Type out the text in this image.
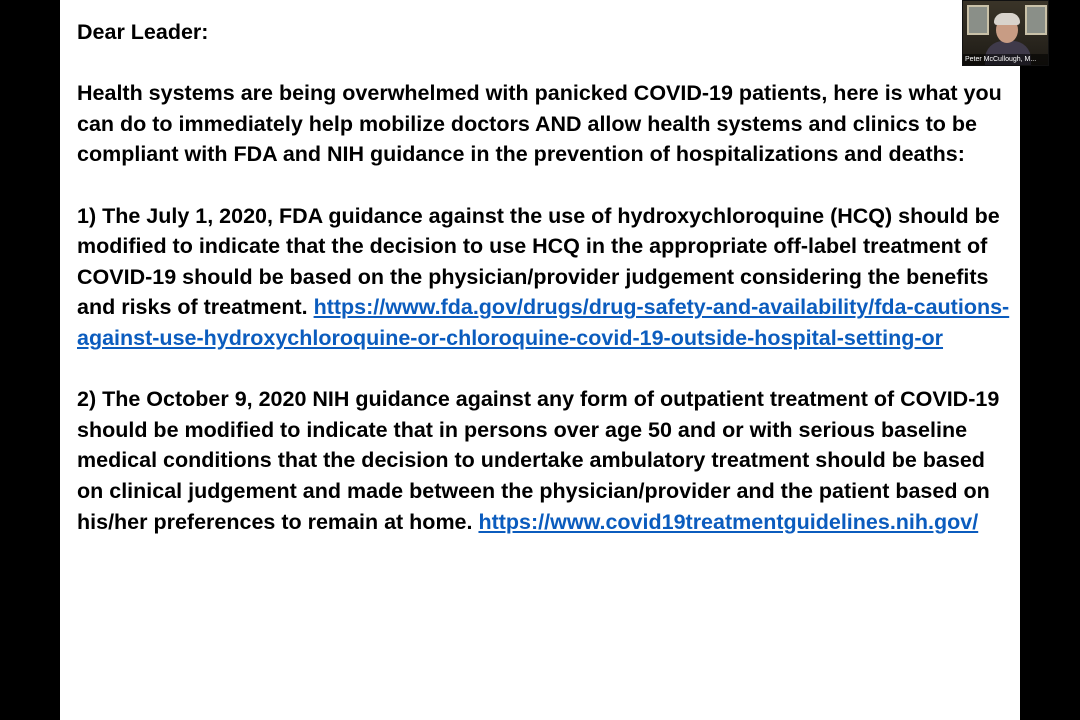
Dear Leader:

Health systems are being overwhelmed with panicked COVID-19 patients, here is what you can do to immediately help mobilize doctors AND allow health systems and clinics to be compliant with FDA and NIH guidance in the prevention of hospitalizations and deaths:

1) The July 1, 2020, FDA guidance against the use of hydroxychloroquine (HCQ) should be modified to indicate that the decision to use HCQ in the appropriate off-label treatment of COVID-19 should be based on the physician/provider judgement considering the benefits and risks of treatment. https://www.fda.gov/drugs/drug-safety-and-availability/fda-cautions-against-use-hydroxychloroquine-or-chloroquine-covid-19-outside-hospital-setting-or

2) The October 9, 2020 NIH guidance against any form of outpatient treatment of COVID-19 should be modified to indicate that in persons over age 50 and or with serious baseline medical conditions that the decision to undertake ambulatory treatment should be based on clinical judgement and made between the physician/provider and the patient based on his/her preferences to remain at home. https://www.covid19treatmentguidelines.nih.gov/

Peter McCullough, M...
